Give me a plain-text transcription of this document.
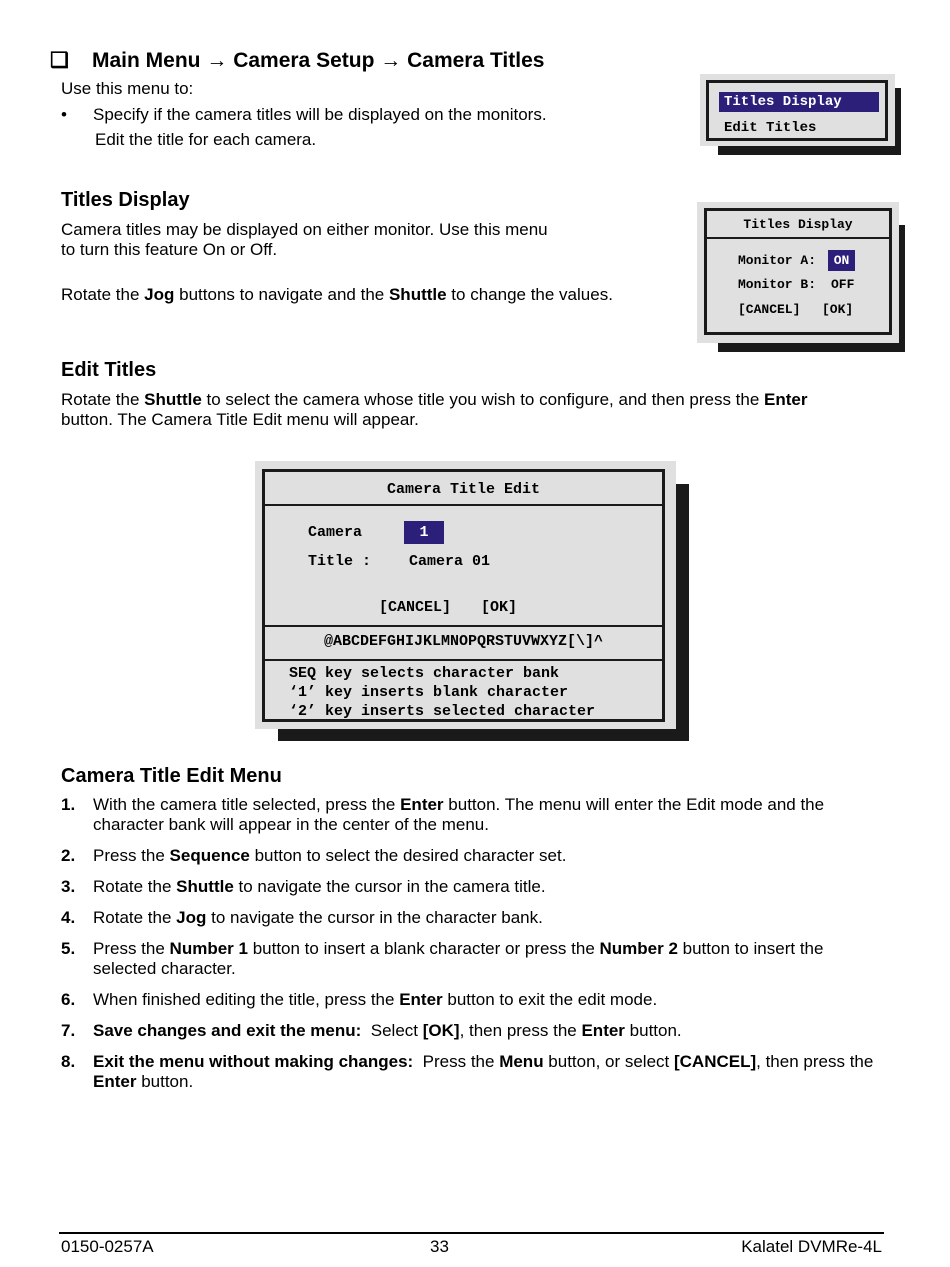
❑ Main Menu → Camera Setup → Camera Titles
Use this menu to:
• Specify if the camera titles will be displayed on the monitors.
Edit the title for each camera.
Titles Display
Edit Titles
Titles Display
Camera titles may be displayed on either monitor. Use this menu
to turn this feature On or Off.
Rotate the Jog buttons to navigate and the Shuttle to change the values.
Titles Display
Monitor A:	ON
Monitor B: OFF
[CANCEL] [OK]
Edit Titles
Rotate the Shuttle to select the camera whose title you wish to configure, and then press the Enter
button. The Camera Title Edit menu will appear.
Camera Title Edit
Camera	1
Title :	Camera 01
[CANCEL] [OK]
@ABCDEFGHIJKLMNOPQRSTUVWXYZ[\]^
SEQ key selects character bank
‘1’ key inserts blank character
‘2’ key inserts selected character
Camera Title Edit Menu
1. With the camera title selected, press the Enter button. The menu will enter the Edit mode and the character bank will appear in the center of the menu.
2. Press the Sequence button to select the desired character set.
3. Rotate the Shuttle to navigate the cursor in the camera title.
4. Rotate the Jog to navigate the cursor in the character bank.
5. Press the Number 1 button to insert a blank character or press the Number 2 button to insert the selected character.
6. When finished editing the title, press the Enter button to exit the edit mode.
7. Save changes and exit the menu:  Select [OK], then press the Enter button.
8. Exit the menu without making changes:  Press the Menu button, or select [CANCEL], then press the Enter button.
0150-0257A	33	Kalatel DVMRe-4L
